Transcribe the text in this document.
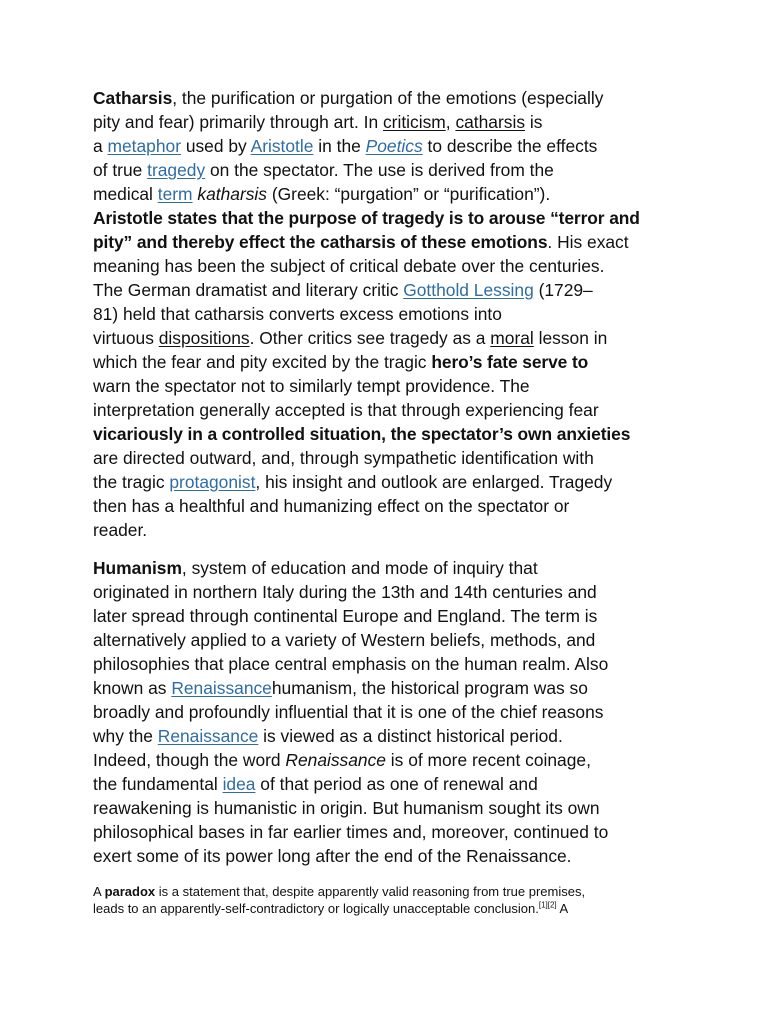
Catharsis, the purification or purgation of the emotions (especially
pity and fear) primarily through art. In criticism, catharsis is
a metaphor used by Aristotle in the Poetics to describe the effects
of true tragedy on the spectator. The use is derived from the
medical term katharsis (Greek: “purgation” or “purification”).
Aristotle states that the purpose of tragedy is to arouse “terror and
pity” and thereby effect the catharsis of these emotions. His exact
meaning has been the subject of critical debate over the centuries.
The German dramatist and literary critic Gotthold Lessing (1729–
81) held that catharsis converts excess emotions into
virtuous dispositions. Other critics see tragedy as a moral lesson in
which the fear and pity excited by the tragic hero’s fate serve to
warn the spectator not to similarly tempt providence. The
interpretation generally accepted is that through experiencing fear
vicariously in a controlled situation, the spectator’s own anxieties
are directed outward, and, through sympathetic identification with
the tragic protagonist, his insight and outlook are enlarged. Tragedy
then has a healthful and humanizing effect on the spectator or
reader.
Humanism, system of education and mode of inquiry that
originated in northern Italy during the 13th and 14th centuries and
later spread through continental Europe and England. The term is
alternatively applied to a variety of Western beliefs, methods, and
philosophies that place central emphasis on the human realm. Also
known as Renaissancehumanism, the historical program was so
broadly and profoundly influential that it is one of the chief reasons
why the Renaissance is viewed as a distinct historical period.
Indeed, though the word Renaissance is of more recent coinage,
the fundamental idea of that period as one of renewal and
reawakening is humanistic in origin. But humanism sought its own
philosophical bases in far earlier times and, moreover, continued to
exert some of its power long after the end of the Renaissance.
A paradox is a statement that, despite apparently valid reasoning from true premises,
leads to an apparently-self-contradictory or logically unacceptable conclusion.[1][2] A
